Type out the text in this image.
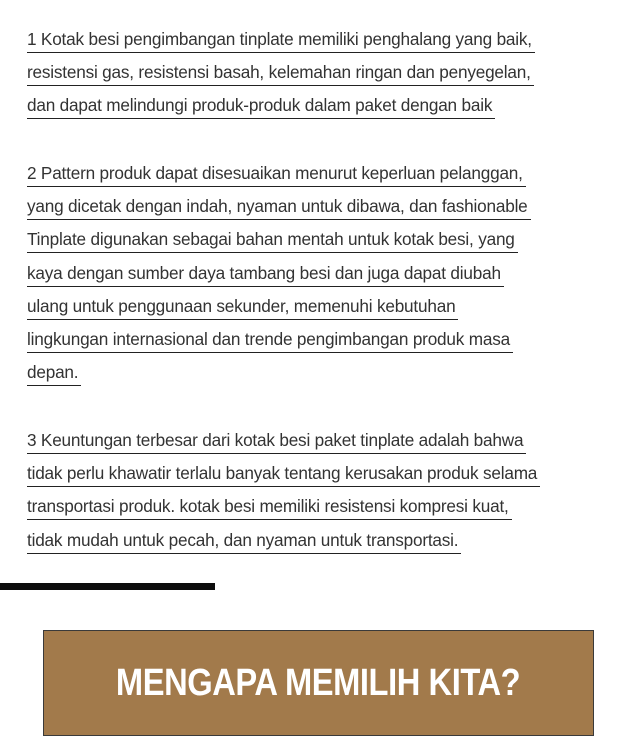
1 Kotak besi pengimbangan tinplate memiliki penghalang yang baik,
resistensi gas, resistensi basah, kelemahan ringan dan penyegelan,
dan dapat melindungi produk-produk dalam paket dengan baik
2 Pattern produk dapat disesuaikan menurut keperluan pelanggan,
yang dicetak dengan indah, nyaman untuk dibawa, dan fashionable
Tinplate digunakan sebagai bahan mentah untuk kotak besi, yang
kaya dengan sumber daya tambang besi dan juga dapat diubah
ulang untuk penggunaan sekunder, memenuhi kebutuhan
lingkungan internasional dan trende pengimbangan produk masa
depan.
3 Keuntungan terbesar dari kotak besi paket tinplate adalah bahwa
tidak perlu khawatir terlalu banyak tentang kerusakan produk selama
transportasi produk. kotak besi memiliki resistensi kompresi kuat,
tidak mudah untuk pecah, dan nyaman untuk transportasi.
MENGAPA MEMILIH KITA?
